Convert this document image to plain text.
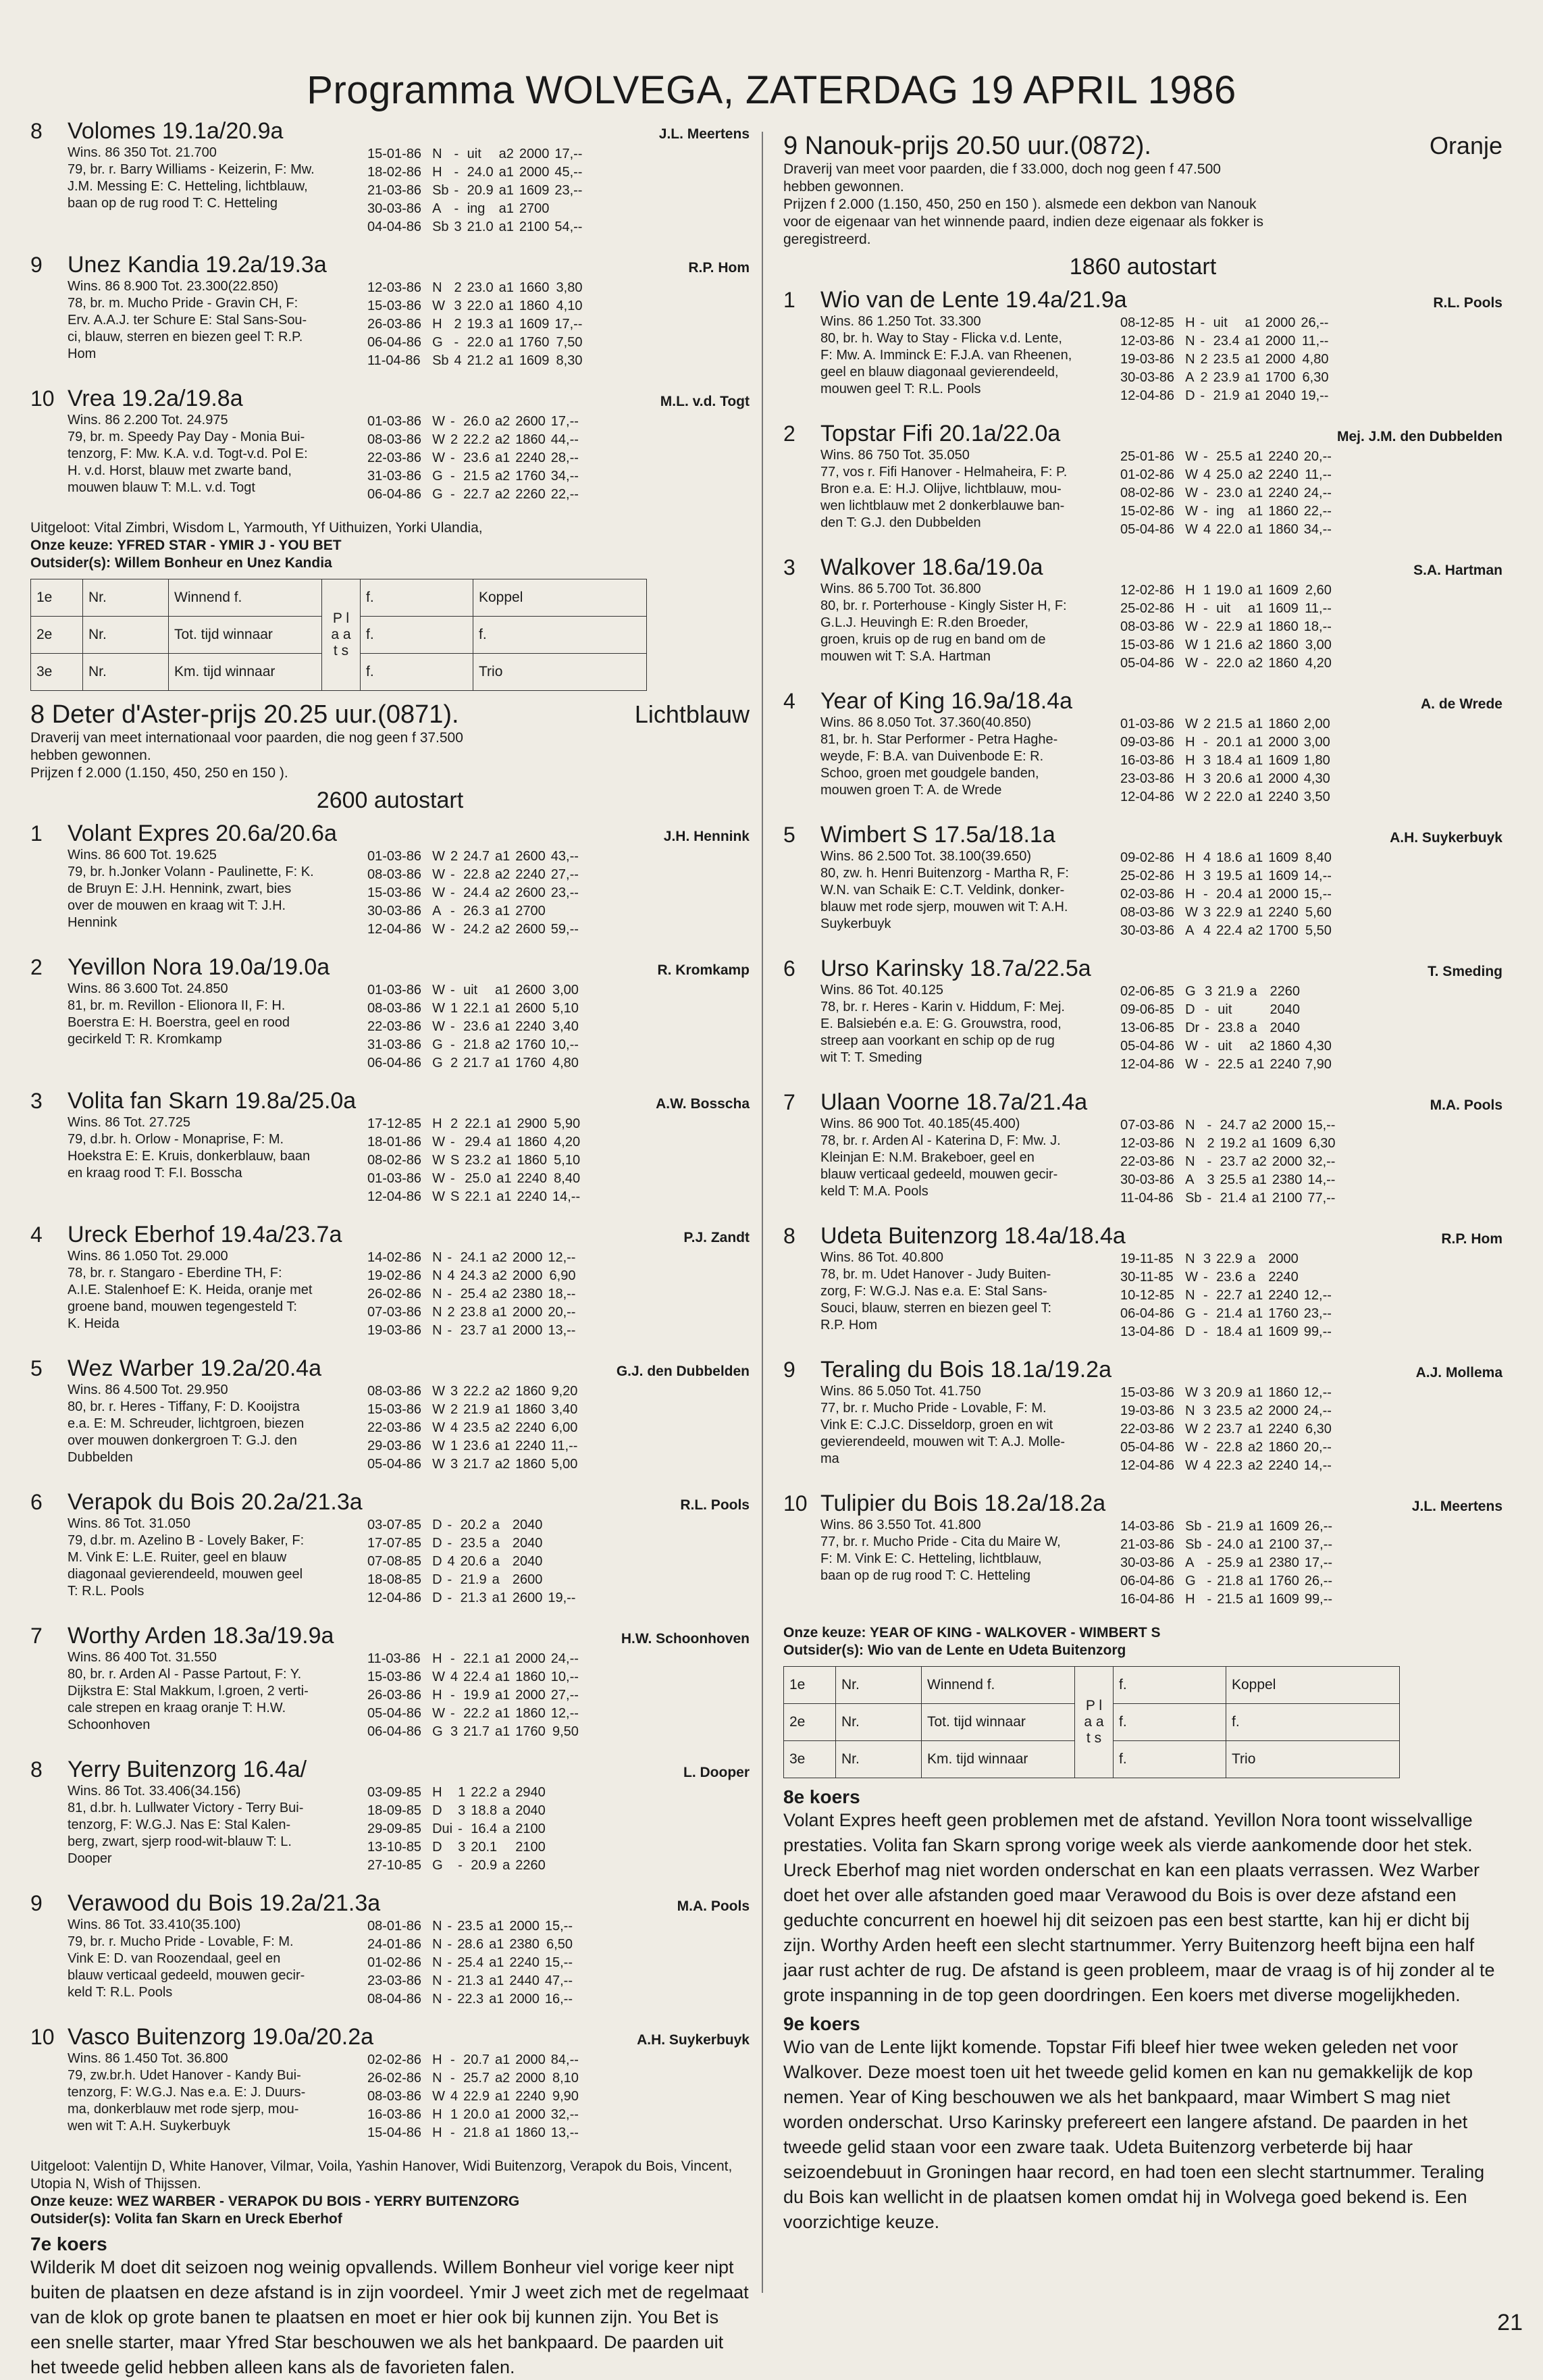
Programma WOLVEGA, ZATERDAG 19 APRIL 1986
8	Volomes 19.1a/20.9a	J.L. Meertens
Wins. 86 350 Tot. 21.700
79, br. r. Barry Williams - Keizerin, F: Mw.
J.M. Messing E: C. Hetteling, lichtblauw,
baan op de rug rood T: C. Hetteling
15-01-86	N	-	uit	a2	2000	17,--
18-02-86	H	-	24.0	a1	2000	45,--
21-03-86	Sb	-	20.9	a1	1609	23,--
30-03-86	A	-	ing	a1	2700	
04-04-86	Sb	3	21.0	a1	2100	54,--
9	Unez Kandia 19.2a/19.3a	R.P. Hom
Wins. 86 8.900 Tot. 23.300(22.850)
78, br. m. Mucho Pride - Gravin CH, F:
Erv. A.A.J. ter Schure E: Stal Sans-Sou-
ci, blauw, sterren en biezen geel T: R.P.
Hom
12-03-86	N	2	23.0	a1	1660	3,80
15-03-86	W	3	22.0	a1	1860	4,10
26-03-86	H	2	19.3	a1	1609	17,--
06-04-86	G	-	22.0	a1	1760	7,50
11-04-86	Sb	4	21.2	a1	1609	8,30
10 Vrea 19.2a/19.8a	M.L. v.d. Togt
Wins. 86 2.200 Tot. 24.975
79, br. m. Speedy Pay Day - Monia Bui-
tenzorg, F: Mw. K.A. v.d. Togt-v.d. Pol E:
H. v.d. Horst, blauw met zwarte band,
mouwen blauw T: M.L. v.d. Togt
01-03-86	W	-	26.0	a2	2600	17,--
08-03-86	W	2	22.2	a2	1860	44,--
22-03-86	W	-	23.6	a1	2240	28,--
31-03-86	G	-	21.5	a2	1760	34,--
06-04-86	G	-	22.7	a2	2260	22,--
Uitgeloot: Vital Zimbri, Wisdom L, Yarmouth, Yf Uithuizen, Yorki Ulandia,
Onze keuze: YFRED STAR - YMIR J - YOU BET
Outsider(s): Willem Bonheur en Unez Kandia
1e	Nr.	Winnend f.	P l a a t s	f.	Koppel
2e	Nr.	Tot. tijd winnaar		f.	f.
3e	Nr.	Km. tijd winnaar		f.	Trio
8 Deter d'Aster-prijs 20.25 uur.(0871).	Lichtblauw
Draverij van meet internationaal voor paarden, die nog geen f 37.500
hebben gewonnen.
Prijzen f 2.000 (1.150, 450, 250 en 150 ).
2600 autostart
1	Volant Expres 20.6a/20.6a	J.H. Hennink
Wins. 86 600 Tot. 19.625
79, br. h.Jonker Volann - Paulinette, F: K.
de Bruyn E: J.H. Hennink, zwart, bies
over de mouwen en kraag wit T: J.H.
Hennink
01-03-86	W	2	24.7	a1	2600	43,--
08-03-86	W	-	22.8	a2	2240	27,--
15-03-86	W	-	24.4	a2	2600	23,--
30-03-86	A	-	26.3	a1	2700	
12-04-86	W	-	24.2	a2	2600	59,--
2	Yevillon Nora 19.0a/19.0a	R. Kromkamp
Wins. 86 3.600 Tot. 24.850
81, br. m. Revillon - Elionora II, F: H.
Boerstra E: H. Boerstra, geel en rood
gecirkeld T: R. Kromkamp
01-03-86	W	-	uit	a1	2600	3,00
08-03-86	W	1	22.1	a1	2600	5,10
22-03-86	W	-	23.6	a1	2240	3,40
31-03-86	G	-	21.8	a2	1760	10,--
06-04-86	G	2	21.7	a1	1760	4,80
3	Volita fan Skarn 19.8a/25.0a	A.W. Bosscha
Wins. 86 Tot. 27.725
79, d.br. h. Orlow - Monaprise, F: M.
Hoekstra E: E. Kruis, donkerblauw, baan
en kraag rood T: F.I. Bosscha
17-12-85	H	2	22.1	a1	2900	5,90
18-01-86	W	-	29.4	a1	1860	4,20
08-02-86	W	S	23.2	a1	1860	5,10
01-03-86	W	-	25.0	a1	2240	8,40
12-04-86	W	S	22.1	a1	2240	14,--
4	Ureck Eberhof 19.4a/23.7a	P.J. Zandt
Wins. 86 1.050 Tot. 29.000
78, br. r. Stangaro - Eberdine TH, F:
A.I.E. Stalenhoef E: K. Heida, oranje met
groene band, mouwen tegengesteld T:
K. Heida
14-02-86	N	-	24.1	a2	2000	12,--
19-02-86	N	4	24.3	a2	2000	6,90
26-02-86	N	-	25.4	a2	2380	18,--
07-03-86	N	2	23.8	a1	2000	20,--
19-03-86	N	-	23.7	a1	2000	13,--
5	Wez Warber 19.2a/20.4a	G.J. den Dubbelden
Wins. 86 4.500 Tot. 29.950
80, br. r. Heres - Tiffany, F: D. Kooijstra
e.a. E: M. Schreuder, lichtgroen, biezen
over mouwen donkergroen T: G.J. den
Dubbelden
08-03-86	W	3	22.2	a2	1860	9,20
15-03-86	W	2	21.9	a1	1860	3,40
22-03-86	W	4	23.5	a2	2240	6,00
29-03-86	W	1	23.6	a1	2240	11,--
05-04-86	W	3	21.7	a2	1860	5,00
6	Verapok du Bois 20.2a/21.3a	R.L. Pools
Wins. 86 Tot. 31.050
79, d.br. m. Azelino B - Lovely Baker, F:
M. Vink E: L.E. Ruiter, geel en blauw
diagonaal gevierendeeld, mouwen geel
T: R.L. Pools
03-07-85	D	-	20.2	a	2040	
17-07-85	D	-	23.5	a	2040	
07-08-85	D	4	20.6	a	2040	
18-08-85	D	-	21.9	a	2600	
12-04-86	D	-	21.3	a1	2600	19,--
7	Worthy Arden 18.3a/19.9a	H.W. Schoonhoven
Wins. 86 400 Tot. 31.550
80, br. r. Arden Al - Passe Partout, F: Y.
Dijkstra E: Stal Makkum, l.groen, 2 verti-
cale strepen en kraag oranje T: H.W.
Schoonhoven
11-03-86	H	-	22.1	a1	2000	24,--
15-03-86	W	4	22.4	a1	1860	10,--
26-03-86	H	-	19.9	a1	2000	27,--
05-04-86	W	-	22.2	a1	1860	12,--
06-04-86	G	3	21.7	a1	1760	9,50
8	Yerry Buitenzorg 16.4a/	L. Dooper
Wins. 86 Tot. 33.406(34.156)
81, d.br. h. Lullwater Victory - Terry Bui-
tenzorg, F: W.G.J. Nas E: Stal Kalen-
berg, zwart, sjerp rood-wit-blauw T: L.
Dooper
03-09-85	H	1	22.2	a	2940	
18-09-85	D	3	18.8	a	2040	
29-09-85	Dui	-	16.4	a	2100	
13-10-85	D	3	20.1		2100	
27-10-85	G	-	20.9	a	2260	
9	Verawood du Bois 19.2a/21.3a	M.A. Pools
Wins. 86 Tot. 33.410(35.100)
79, br. r. Mucho Pride - Lovable, F: M.
Vink E: D. van Roozendaal, geel en
blauw verticaal gedeeld, mouwen gecir-
keld T: R.L. Pools
08-01-86	N	-	23.5	a1	2000	15,--
24-01-86	N	-	28.6	a1	2380	6,50
01-02-86	N	-	25.4	a1	2240	15,--
23-03-86	N	-	21.3	a1	2440	47,--
08-04-86	N	-	22.3	a1	2000	16,--
10 Vasco Buitenzorg 19.0a/20.2a	A.H. Suykerbuyk
Wins. 86 1.450 Tot. 36.800
79, zw.br.h. Udet Hanover - Kandy Bui-
tenzorg, F: W.G.J. Nas e.a. E: J. Duurs-
ma, donkerblauw met rode sjerp, mou-
wen wit T: A.H. Suykerbuyk
02-02-86	H	-	20.7	a1	2000	84,--
26-02-86	N	-	25.7	a2	2000	8,10
08-03-86	W	4	22.9	a1	2240	9,90
16-03-86	H	1	20.0	a1	2000	32,--
15-04-86	H	-	21.8	a1	1860	13,--
Uitgeloot: Valentijn D, White Hanover, Vilmar, Voila, Yashin Hanover, Widi Buitenzorg, Verapok du Bois, Vincent, Utopia N, Wish of Thijssen.
Onze keuze: WEZ WARBER - VERAPOK DU BOIS - YERRY BUITENZORG
Outsider(s): Volita fan Skarn en Ureck Eberhof
7e koers
Wilderik M doet dit seizoen nog weinig opvallends. Willem Bonheur viel vorige keer nipt buiten de plaatsen en deze afstand is in zijn voordeel. Ymir J weet zich met de regelmaat van de klok op grote banen te plaatsen en moet er hier ook bij kunnen zijn. You Bet is een snelle starter, maar Yfred Star beschouwen we als het bankpaard. De paarden uit het tweede gelid hebben alleen kans als de favorieten falen.
9 Nanouk-prijs 20.50 uur.(0872).	Oranje
Draverij van meet voor paarden, die f 33.000, doch nog geen f 47.500
hebben gewonnen.
Prijzen f 2.000 (1.150, 450, 250 en 150 ). alsmede een dekbon van Nanouk
voor de eigenaar van het winnende paard, indien deze eigenaar als fokker is
geregistreerd.
1860 autostart
1	Wio van de Lente 19.4a/21.9a	R.L. Pools
Wins. 86 1.250 Tot. 33.300
80, br. h. Way to Stay - Flicka v.d. Lente,
F: Mw. A. Imminck E: F.J.A. van Rheenen,
geel en blauw diagonaal gevierendeeld,
mouwen geel T: R.L. Pools
08-12-85	H	-	uit	a1	2000	26,--
12-03-86	N	-	23.4	a1	2000	11,--
19-03-86	N	2	23.5	a1	2000	4,80
30-03-86	A	2	23.9	a1	1700	6,30
12-04-86	D	-	21.9	a1	2040	19,--
2	Topstar Fifi 20.1a/22.0a	Mej. J.M. den Dubbelden
Wins. 86 750 Tot. 35.050
77, vos r. Fifi Hanover - Helmaheira, F: P.
Bron e.a. E: H.J. Olijve, lichtblauw, mou-
wen lichtblauw met 2 donkerblauwe ban-
den T: G.J. den Dubbelden
25-01-86	W	-	25.5	a1	2240	20,--
01-02-86	W	4	25.0	a2	2240	11,--
08-02-86	W	-	23.0	a1	2240	24,--
15-02-86	W	-	ing	a1	1860	22,--
05-04-86	W	4	22.0	a1	1860	34,--
3	Walkover 18.6a/19.0a	S.A. Hartman
Wins. 86 5.700 Tot. 36.800
80, br. r. Porterhouse - Kingly Sister H, F:
G.L.J. Heuvingh E: R.den Broeder,
groen, kruis op de rug en band om de
mouwen wit T: S.A. Hartman
12-02-86	H	1	19.0	a1	1609	2,60
25-02-86	H	-	uit	a1	1609	11,--
08-03-86	W	-	22.9	a1	1860	18,--
15-03-86	W	1	21.6	a2	1860	3,00
05-04-86	W	-	22.0	a2	1860	4,20
4	Year of King 16.9a/18.4a	A. de Wrede
Wins. 86 8.050 Tot. 37.360(40.850)
81, br. h. Star Performer - Petra Haghe-
weyde, F: B.A. van Duivenbode E: R.
Schoo, groen met goudgele banden,
mouwen groen T: A. de Wrede
01-03-86	W	2	21.5	a1	1860	2,00
09-03-86	H	-	20.1	a1	2000	3,00
16-03-86	H	3	18.4	a1	1609	1,80
23-03-86	H	3	20.6	a1	2000	4,30
12-04-86	W	2	22.0	a1	2240	3,50
5	Wimbert S 17.5a/18.1a	A.H. Suykerbuyk
Wins. 86 2.500 Tot. 38.100(39.650)
80, zw. h. Henri Buitenzorg - Martha R, F:
W.N. van Schaik E: C.T. Veldink, donker-
blauw met rode sjerp, mouwen wit T: A.H.
Suykerbuyk
09-02-86	H	4	18.6	a1	1609	8,40
25-02-86	H	3	19.5	a1	1609	14,--
02-03-86	H	-	20.4	a1	2000	15,--
08-03-86	W	3	22.9	a1	2240	5,60
30-03-86	A	4	22.4	a2	1700	5,50
6	Urso Karinsky 18.7a/22.5a	T. Smeding
Wins. 86 Tot. 40.125
78, br. r. Heres - Karin v. Hiddum, F: Mej.
E. Balsiebén e.a. E: G. Grouwstra, rood,
streep aan voorkant en schip op de rug
wit T: T. Smeding
02-06-85	G	3	21.9	a	2260	
09-06-85	D	-	uit		2040	
13-06-85	Dr	-	23.8	a	2040	
05-04-86	W	-	uit	a2	1860	4,30
12-04-86	W	-	22.5	a1	2240	7,90
7	Ulaan Voorne 18.7a/21.4a	M.A. Pools
Wins. 86 900 Tot. 40.185(45.400)
78, br. r. Arden Al - Katerina D, F: Mw. J.
Kleinjan E: N.M. Brakeboer, geel en
blauw verticaal gedeeld, mouwen gecir-
keld T: M.A. Pools
07-03-86	N	-	24.7	a2	2000	15,--
12-03-86	N	2	19.2	a1	1609	6,30
22-03-86	N	-	23.7	a2	2000	32,--
30-03-86	A	3	25.5	a1	2380	14,--
11-04-86	Sb	-	21.4	a1	2100	77,--
8	Udeta Buitenzorg 18.4a/18.4a	R.P. Hom
Wins. 86 Tot. 40.800
78, br. m. Udet Hanover - Judy Buiten-
zorg, F: W.G.J. Nas e.a. E: Stal Sans-
Souci, blauw, sterren en biezen geel T:
R.P. Hom
19-11-85	N	3	22.9	a	2000	
30-11-85	W	-	23.6	a	2240	
10-12-85	N	-	22.7	a1	2240	12,--
06-04-86	G	-	21.4	a1	1760	23,--
13-04-86	D	-	18.4	a1	1609	99,--
9	Teraling du Bois 18.1a/19.2a	A.J. Mollema
Wins. 86 5.050 Tot. 41.750
77, br. r. Mucho Pride - Lovable, F: M.
Vink E: C.J.C. Disseldorp, groen en wit
gevierendeeld, mouwen wit T: A.J. Molle-
ma
15-03-86	W	3	20.9	a1	1860	12,--
19-03-86	N	3	23.5	a2	2000	24,--
22-03-86	W	2	23.7	a1	2240	6,30
05-04-86	W	-	22.8	a2	1860	20,--
12-04-86	W	4	22.3	a2	2240	14,--
10 Tulipier du Bois 18.2a/18.2a	J.L. Meertens
Wins. 86 3.550 Tot. 41.800
77, br. r. Mucho Pride - Cita du Maire W,
F: M. Vink E: C. Hetteling, lichtblauw,
baan op de rug rood T: C. Hetteling
14-03-86	Sb	-	21.9	a1	1609	26,--
21-03-86	Sb	-	24.0	a1	2100	37,--
30-03-86	A	-	25.9	a1	2380	17,--
06-04-86	G	-	21.8	a1	1760	26,--
16-04-86	H	-	21.5	a1	1609	99,--
Onze keuze: YEAR OF KING - WALKOVER - WIMBERT S
Outsider(s): Wio van de Lente en Udeta Buitenzorg
1e	Nr.	Winnend f.	P l a a t s	f.	Koppel
2e	Nr.	Tot. tijd winnaar		f.	f.
3e	Nr.	Km. tijd winnaar		f.	Trio
8e koers
Volant Expres heeft geen problemen met de afstand. Yevillon Nora toont wisselvallige prestaties. Volita fan Skarn sprong vorige week als vierde aankomende door het stek. Ureck Eberhof mag niet worden onderschat en kan een plaats verrassen. Wez Warber doet het over alle afstanden goed maar Verawood du Bois is over deze afstand een geduchte concurrent en hoewel hij dit seizoen pas een best startte, kan hij er dicht bij zijn. Worthy Arden heeft een slecht startnummer. Yerry Buitenzorg heeft bijna een half jaar rust achter de rug. De afstand is geen probleem, maar de vraag is of hij zonder al te grote inspanning in de top geen doordringen. Een koers met diverse mogelijkheden.
9e koers
Wio van de Lente lijkt komende. Topstar Fifi bleef hier twee weken geleden net voor Walkover. Deze moest toen uit het tweede gelid komen en kan nu gemakkelijk de kop nemen. Year of King beschouwen we als het bankpaard, maar Wimbert S mag niet worden onderschat. Urso Karinsky prefereert een langere afstand. De paarden in het tweede gelid staan voor een zware taak. Udeta Buitenzorg verbeterde bij haar seizoendebuut in Groningen haar record, en had toen een slecht startnummer. Teraling du Bois kan wellicht in de plaatsen komen omdat hij in Wolvega goed bekend is. Een voorzichtige keuze.
21
